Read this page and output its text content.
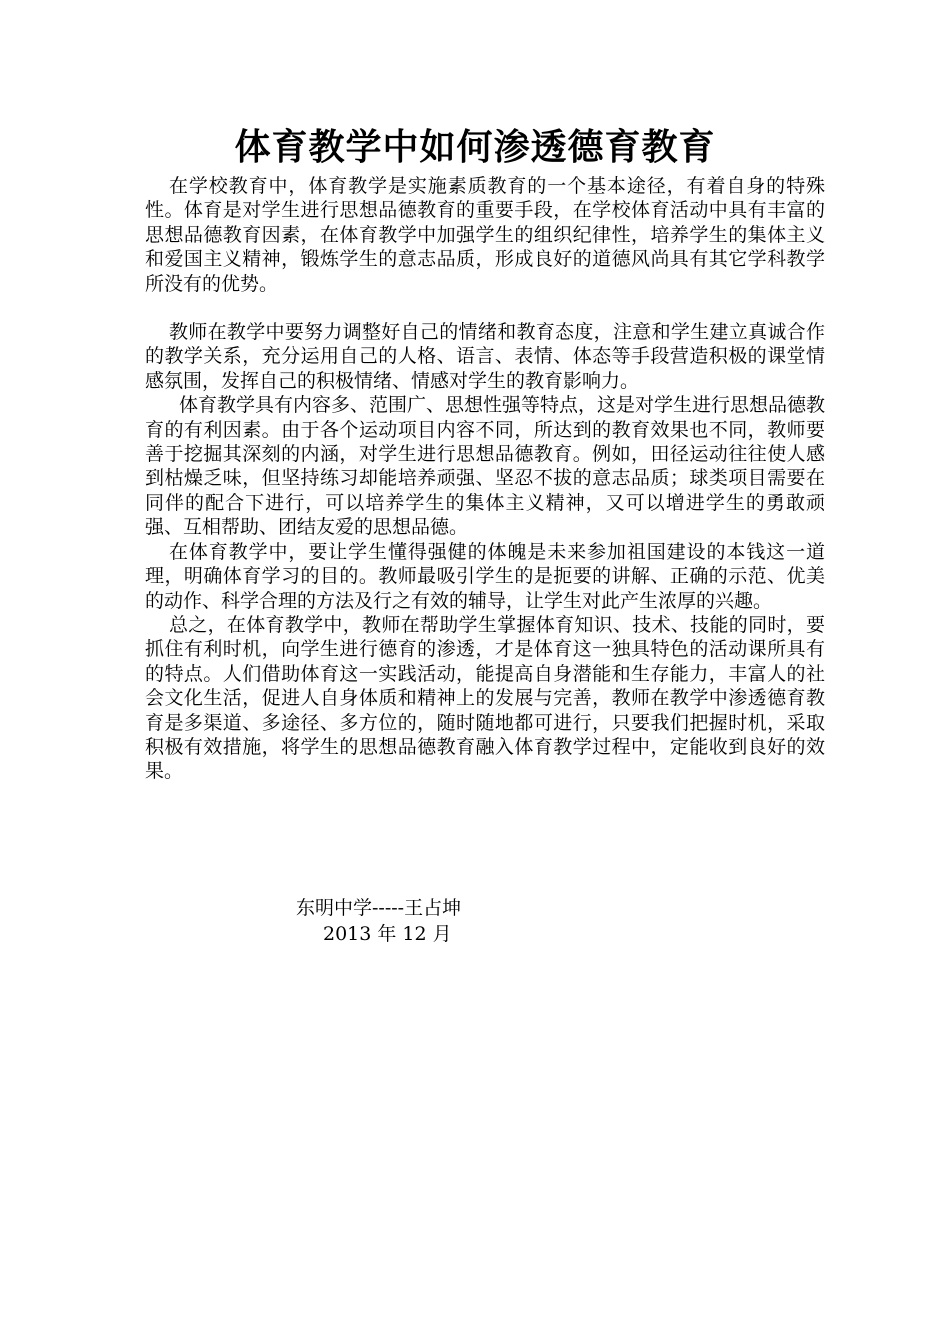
体育教学中如何渗透德育教育

在学校教育中，体育教学是实施素质教育的一个基本途径，有着自身的特殊性。体育是对学生进行思想品德教育的重要手段，在学校体育活动中具有丰富的思想品德教育因素，在体育教学中加强学生的组织纪律性，培养学生的集体主义和爱国主义精神，锻炼学生的意志品质，形成良好的道德风尚具有其它学科教学所没有的优势。

教师在教学中要努力调整好自己的情绪和教育态度，注意和学生建立真诚合作的教学关系，充分运用自己的人格、语言、表情、体态等手段营造积极的课堂情感氛围，发挥自己的积极情绪、情感对学生的教育影响力。

体育教学具有内容多、范围广、思想性强等特点，这是对学生进行思想品德教育的有利因素。由于各个运动项目内容不同，所达到的教育效果也不同，教师要善于挖掘其深刻的内涵，对学生进行思想品德教育。例如，田径运动往往使人感到枯燥乏味，但坚持练习却能培养顽强、坚忍不拔的意志品质；球类项目需要在同伴的配合下进行，可以培养学生的集体主义精神，又可以增进学生的勇敢顽强、互相帮助、团结友爱的思想品德。

在体育教学中，要让学生懂得强健的体魄是未来参加祖国建设的本钱这一道理，明确体育学习的目的。教师最吸引学生的是扼要的讲解、正确的示范、优美的动作、科学合理的方法及行之有效的辅导，让学生对此产生浓厚的兴趣。

总之，在体育教学中，教师在帮助学生掌握体育知识、技术、技能的同时，要抓住有利时机，向学生进行德育的渗透，才是体育这一独具特色的活动课所具有的特点。人们借助体育这一实践活动，能提高自身潜能和生存能力，丰富人的社会文化生活，促进人自身体质和精神上的发展与完善，教师在教学中渗透德育教育是多渠道、多途径、多方位的，随时随地都可进行，只要我们把握时机，采取积极有效措施，将学生的思想品德教育融入体育教学过程中，定能收到良好的效果。

东明中学-----王占坤
2013 年 12 月
